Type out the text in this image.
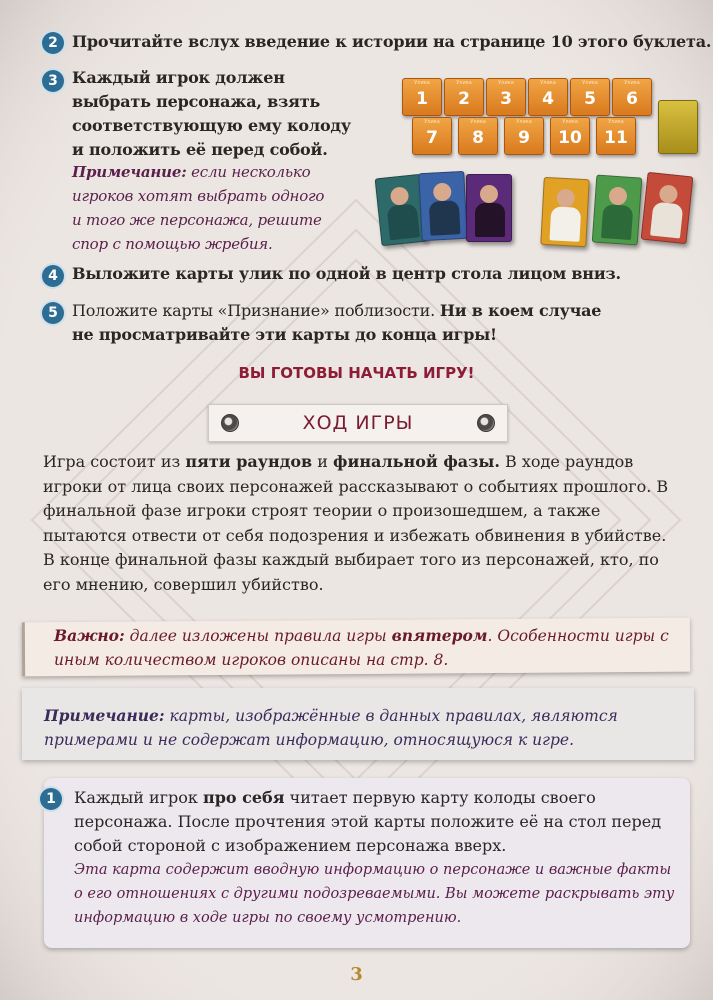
2 Прочитайте вслух введение к истории на странице 10 этого буклета.
3 Каждый игрок должен
выбрать персонажа, взять
соответствующую ему колоду
и положить её перед собой.
Примечание: если несколько
игроков хотят выбрать одного
и того же персонажа, решите
спор с помощью жребия.
Улика
1
Улика
2
Улика
3
Улика
4
Улика
5
Улика
6
Улика
7
Улика
8
Улика
9
Улика
10
Улика
11
4 Выложите карты улик по одной в центр стола лицом вниз.
5 Положите карты «Признание» поблизости. Ни в коем случае
не просматривайте эти карты до конца игры!
ВЫ ГОТОВЫ НАЧАТЬ ИГРУ!
ХОД ИГРЫ
Игра состоит из пяти раундов и финальной фазы. В ходе раундов игроки от лица своих персонажей рассказывают о событиях прошлого. В финальной фазе игроки строят теории о произошедшем, а также пытаются отвести от себя подозрения и избежать обвинения в убийстве. В конце финальной фазы каждый выбирает того из персонажей, кто, по его мнению, совершил убийство.
Важно: далее изложены правила игры впятером. Особенности игры с иным количеством игроков описаны на стр. 8.
Примечание: карты, изображённые в данных правилах, являются примерами и не содержат информацию, относящуюся к игре.
1	Каждый игрок про себя читает первую карту колоды своего персонажа. После прочтения этой карты положите её на стол перед собой стороной с изображением персонажа вверх.
Эта карта содержит вводную информацию о персонаже и важные факты о его отношениях с другими подозреваемыми. Вы можете раскрывать эту информацию в ходе игры по своему усмотрению.
3
